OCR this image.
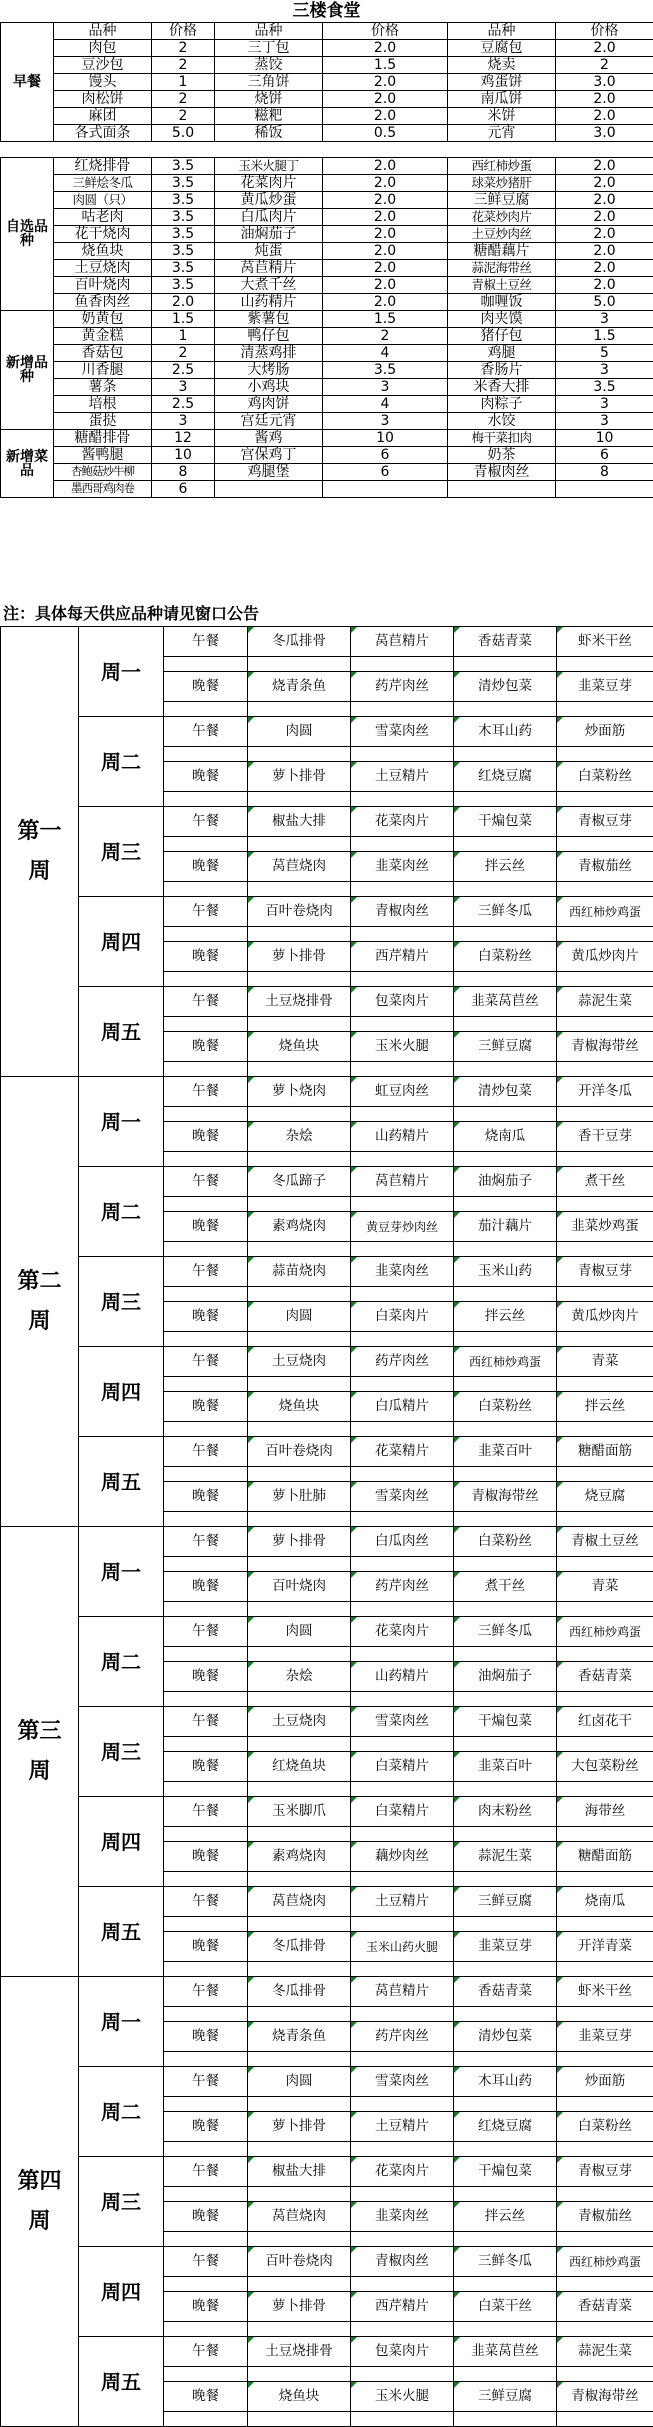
三楼食堂
早餐	品种	价格	品种	价格	品种	价格
	肉包	2	三丁包	2.0	豆腐包	2.0
	豆沙包	2	蒸饺	1.5	烧卖	2
	馒头	1	三角饼	2.0	鸡蛋饼	3.0
	肉松饼	2	烧饼	2.0	南瓜饼	2.0
	麻团	2	糍粑	2.0	米饼	2.0
	各式面条	5.0	稀饭	0.5	元宵	3.0

自选品种	红烧排骨	3.5	玉米火腿丁	2.0	西红柿炒蛋	2.0
	三鲜烩冬瓜	3.5	花菜肉片	2.0	球菜炒猪肝	2.0
	肉圆（只）	3.5	黄瓜炒蛋	2.0	三鲜豆腐	2.0
	咕老肉	3.5	白瓜肉片	2.0	花菜炒肉片	2.0
	花干烧肉	3.5	油焖茄子	2.0	土豆炒肉丝	2.0
	烧鱼块	3.5	炖蛋	2.0	糖醋藕片	2.0
	土豆烧肉	3.5	莴苣精片	2.0	蒜泥海带丝	2.0
	百叶烧肉	3.5	大煮千丝	2.0	青椒土豆丝	2.0
	鱼香肉丝	2.0	山药精片	2.0	咖喱饭	5.0
新增品种	奶黄包	1.5	紫薯包	1.5	肉夹馍	3
	黄金糕	1	鸭仔包	2	猪仔包	1.5
	香菇包	2	清蒸鸡排	4	鸡腿	5
	川香腿	2.5	大烤肠	3.5	香肠片	3
	薯条	3	小鸡块	3	米香大排	3.5
	培根	2.5	鸡肉饼	4	肉粽子	3
	蛋挞	3	宫廷元宵	3	水饺	3
新增菜品	糖醋排骨	12	酱鸡	10	梅干菜扣肉	10
	酱鸭腿	10	宫保鸡丁	6	奶茶	6
	杏鲍菇炒牛柳	8	鸡腿堡	6	青椒肉丝	8
	墨西哥鸡肉卷	6				
注：具体每天供应品种请见窗口公告
第一周	周一	午餐	冬瓜排骨	莴苣精片	香菇青菜	虾米干丝

		晚餐	烧青条鱼	药芹肉丝	清炒包菜	韭菜豆芽

	周二	午餐	肉圆	雪菜肉丝	木耳山药	炒面筋

		晚餐	萝卜排骨	土豆精片	红烧豆腐	白菜粉丝

	周三	午餐	椒盐大排	花菜肉片	干煸包菜	青椒豆芽

		晚餐	莴苣烧肉	韭菜肉丝	拌云丝	青椒茄丝

	周四	午餐	百叶卷烧肉	青椒肉丝	三鲜冬瓜	西红柿炒鸡蛋

		晚餐	萝卜排骨	西芹精片	白菜粉丝	黄瓜炒肉片

	周五	午餐	土豆烧排骨	包菜肉片	韭菜莴苣丝	蒜泥生菜

		晚餐	烧鱼块	玉米火腿	三鲜豆腐	青椒海带丝

第二周	周一	午餐	萝卜烧肉	虹豆肉丝	清炒包菜	开洋冬瓜

		晚餐	杂烩	山药精片	烧南瓜	香干豆芽

	周二	午餐	冬瓜蹄子	莴苣精片	油焖茄子	煮干丝

		晚餐	素鸡烧肉	黄豆芽炒肉丝	茄汁藕片	韭菜炒鸡蛋

	周三	午餐	蒜苗烧肉	韭菜肉丝	玉米山药	青椒豆芽

		晚餐	肉圆	白菜肉片	拌云丝	黄瓜炒肉片

	周四	午餐	土豆烧肉	药芹肉丝	西红柿炒鸡蛋	青菜

		晚餐	烧鱼块	白瓜精片	白菜粉丝	拌云丝

	周五	午餐	百叶卷烧肉	花菜精片	韭菜百叶	糖醋面筋

		晚餐	萝卜肚肺	雪菜肉丝	青椒海带丝	烧豆腐

第三周	周一	午餐	萝卜排骨	白瓜肉丝	白菜粉丝	青椒土豆丝

		晚餐	百叶烧肉	药芹肉丝	煮干丝	青菜

	周二	午餐	肉圆	花菜肉片	三鲜冬瓜	西红柿炒鸡蛋

		晚餐	杂烩	山药精片	油焖茄子	香菇青菜

	周三	午餐	土豆烧肉	雪菜肉丝	干煸包菜	红卤花干

		晚餐	红烧鱼块	白菜精片	韭菜百叶	大包菜粉丝

	周四	午餐	玉米脚爪	白菜精片	肉末粉丝	海带丝

		晚餐	素鸡烧肉	藕炒肉丝	蒜泥生菜	糖醋面筋

	周五	午餐	莴苣烧肉	土豆精片	三鲜豆腐	烧南瓜

		晚餐	冬瓜排骨	玉米山药火腿	韭菜豆芽	开洋青菜

第四周	周一	午餐	冬瓜排骨	莴苣精片	香菇青菜	虾米干丝

		晚餐	烧青条鱼	药芹肉丝	清炒包菜	韭菜豆芽

	周二	午餐	肉圆	雪菜肉丝	木耳山药	炒面筋

		晚餐	萝卜排骨	土豆精片	红烧豆腐	白菜粉丝

	周三	午餐	椒盐大排	花菜肉片	干煸包菜	青椒豆芽

		晚餐	莴苣烧肉	韭菜肉丝	拌云丝	青椒茄丝

	周四	午餐	百叶卷烧肉	青椒肉丝	三鲜冬瓜	西红柿炒鸡蛋

		晚餐	萝卜排骨	西芹精片	白菜干丝	香菇青菜

	周五	午餐	土豆烧排骨	包菜肉片	韭菜莴苣丝	蒜泥生菜

		晚餐	烧鱼块	玉米火腿	三鲜豆腐	青椒海带丝
